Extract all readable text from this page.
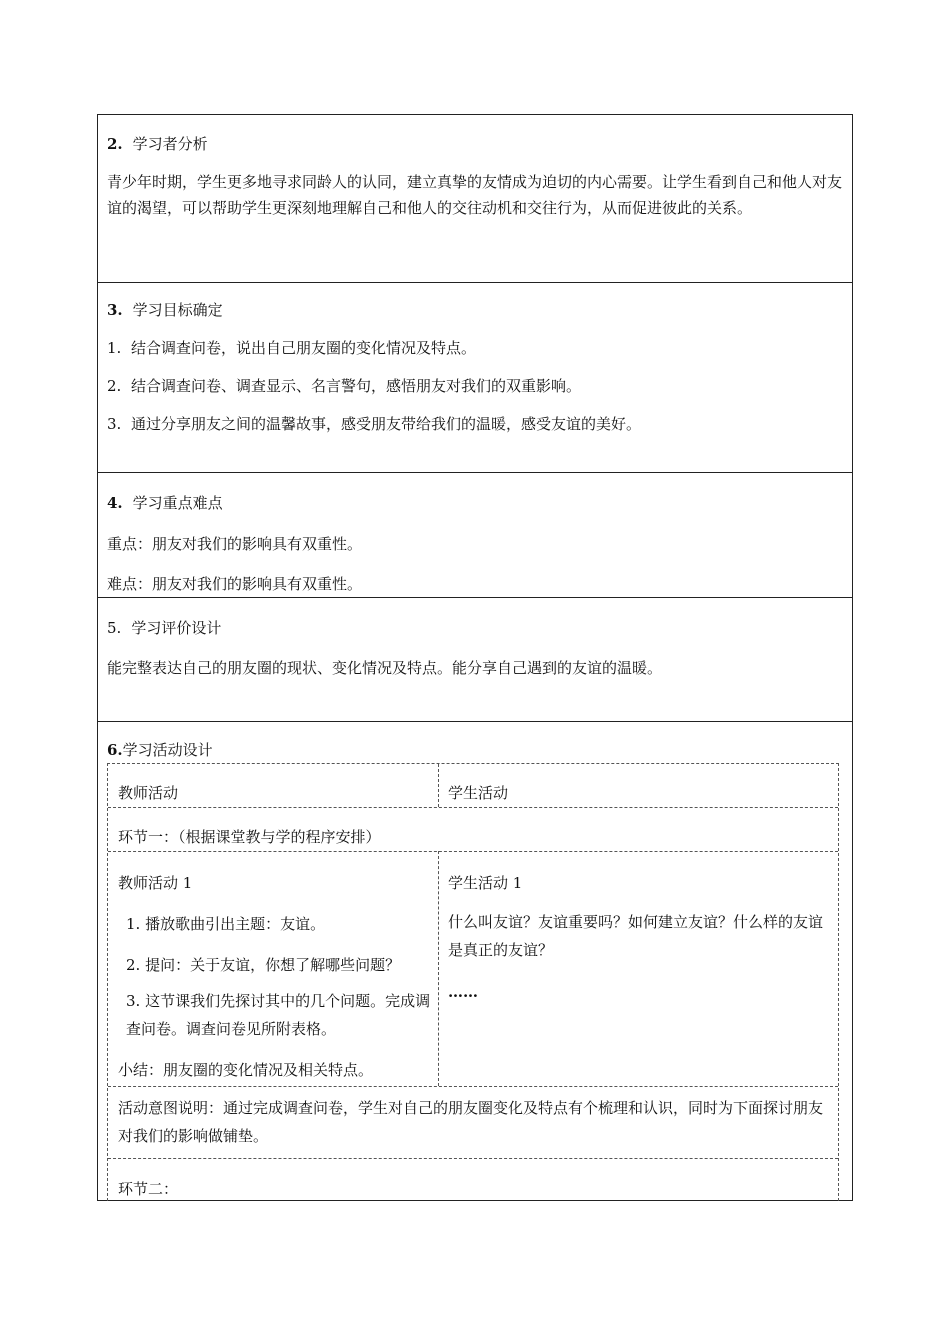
2. 学习者分析
青少年时期，学生更多地寻求同龄人的认同，建立真挚的友情成为迫切的内心需要。让学生看到自己和他人对友谊的渴望，可以帮助学生更深刻地理解自己和他人的交往动机和交往行为，从而促进彼此的关系。
3. 学习目标确定
1. 结合调查问卷，说出自己朋友圈的变化情况及特点。
2. 结合调查问卷、调查显示、名言警句，感悟朋友对我们的双重影响。
3. 通过分享朋友之间的温馨故事，感受朋友带给我们的温暖，感受友谊的美好。
4. 学习重点难点
重点：朋友对我们的影响具有双重性。
难点：朋友对我们的影响具有双重性。
5. 学习评价设计
能完整表达自己的朋友圈的现状、变化情况及特点。能分享自己遇到的友谊的温暖。
6.学习活动设计
教师活动	学生活动
环节一：（根据课堂教与学的程序安排）
教师活动 1
1. 播放歌曲引出主题：友谊。
2. 提问：关于友谊，你想了解哪些问题？
3. 这节课我们先探讨其中的几个问题。完成调查问卷。调查问卷见所附表格。
小结：朋友圈的变化情况及相关特点。
学生活动 1
什么叫友谊？友谊重要吗？如何建立友谊？什么样的友谊是真正的友谊？
……
活动意图说明：通过完成调查问卷，学生对自己的朋友圈变化及特点有个梳理和认识，同时为下面探讨朋友对我们的影响做铺垫。
环节二：
